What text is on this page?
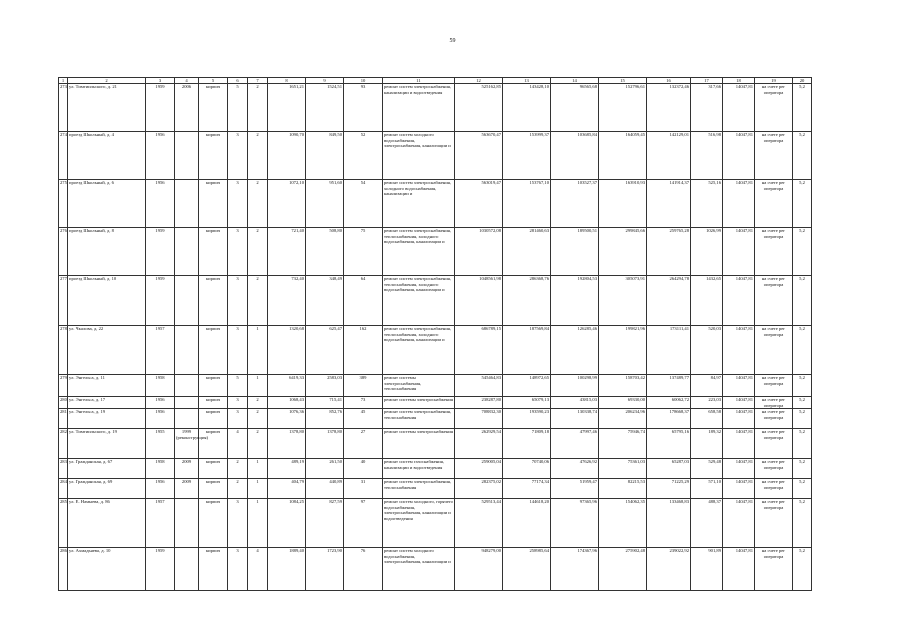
59
1	2	3	4	5	6	7	8	9	10	11	12	13	14	15	16	17	18	19	20
273	ул. Тимтиильского, д. 21	1959	2006	кирпич	5	2	1651,21	1524,51	93	ремонт систем электроснабжения, канализации и водоотведения	525162,85	143428,10	96565,68	152796,61	132372,46	317,66	14047,81	на счете рег оператора	5,2
274	проезд Школьный, д. 4	1956		кирпич	3	2	1090,70	849,50	52	ремонт систем холодного водоснабжения, электроснабжения, канализации и	563670,47	153999,37	103685,84	164059,45	142129,01	516,98	14047,81	на счете рег оператора	5,2
275	проезд Школьный, д. 6	1956		кирпич	3	2	1072,10	951,60	54	ремонт систем электроснабжения, холодного водоснабжения, канализации и	563019,47	153767,10	103527,37	163910,93	141914,37	525,16	14047,81	на счете рег оператора	5,2
276	проезд Школьный, д. 8	1959		кирпич	3	2	721,40	508,80	75	ремонт систем электроснабжения, теплоснабжения, холодного водоснабжения, канализации и	1030572,08	281460,63	189500,51	299845,66	259765,28	1026,99	14047,81	на счете рег оператора	5,2
277	проезд Школьный, д. 10	1959		кирпич	3	2	732,40	348,49	64	ремонт систем электроснабжения, теплоснабжения, холодного водоснабжения, канализации и	1048561,98	286368,76	192804,53	305073,91	264294,78	1432,65	14047,81	на счете рег оператора	5,2
278	ул. Чкалова, д. 22	1957		кирпич	3	1	1320,68	625,47	162	ремонт систем электроснабжения, теплоснабжения, холодного водоснабжения, канализации и	686789,15	187569,84	126285,46	199821,96	173111,41	520,03	14047,81	на счете рег оператора	5,2
279	ул. Энгельса, д. 11	1958		кирпич	5	1	6419,33	2583,03	389	ремонт системы электроснабжения, теплоснабжения	545464,83	148972,65	100298,99	158703,42	137489,77	84,97	14047,81	на счете рег оператора	5,2
280	ул. Энгельса, д. 17	1956		кирпич	3	2	1068,43	715,41	73	ремонт системы электроснабжения	238287,80	65079,13	43815,03	69330,00	60062,72	223,03	14047,81	на счете рег оператора	5,2
281	ул. Энгельса, д. 19	1956		кирпич	3	2	1076,36	852,76	45	ремонт систем электроснабжения, теплоснабжения	708832,30	193590,23	130338,74	206234,96	178668,37	658,58	14047,81	на счете рег оператора	5,2
282	ул. Тимтиильского, д. 19	1955	1999 (реконструкция)	кирпич	4	2	1378,80	1378,80	27	ремонт системы электроснабжения	262929,54	71809,18	47997,46	75946,74	65795,16	189,32	14047,81	на счете рег оператора	5,2
283	ул. Гражданская, д. 67	1958	2009	кирпич	2	1	489,19	261,50	40	ремонт систем газоснабжения, канализации и водоотведения	259005,04	70740,06	47626,92	75361,03	65287,03	529,48	14047,81	на счете рег оператора	5,2
284	ул. Гражданская, д. 69	1956	2009	кирпич	2	1	404,79	440,89	31	ремонт систем электроснабжения, теплоснабжения	282375,02	77174,34	51959,47	82215,53	71225,29	571,10	14047,81	на счете рег оператора	5,2
285	ул. Е. Намыева, д. 86	1957		кирпич	3	1	1084,25	827,59	97	ремонт систем холодного, горячего водоснабжения, электроснабжения, канализации и водоотведения	529513,44	144618,20	97365,96	154062,35	133468,83	488,37	14047,81	на счете рег оператора	5,2
286	ул. Ахмадьяева, д. 10	1959		кирпич	3	4	1889,40	1723,90	76	ремонт систем холодного водоснабжения, электроснабжения, канализации и	948279,00	258985,64	174367,96	275902,48	239022,92	901,89	14047,81	на счете рег оператора	5,2
